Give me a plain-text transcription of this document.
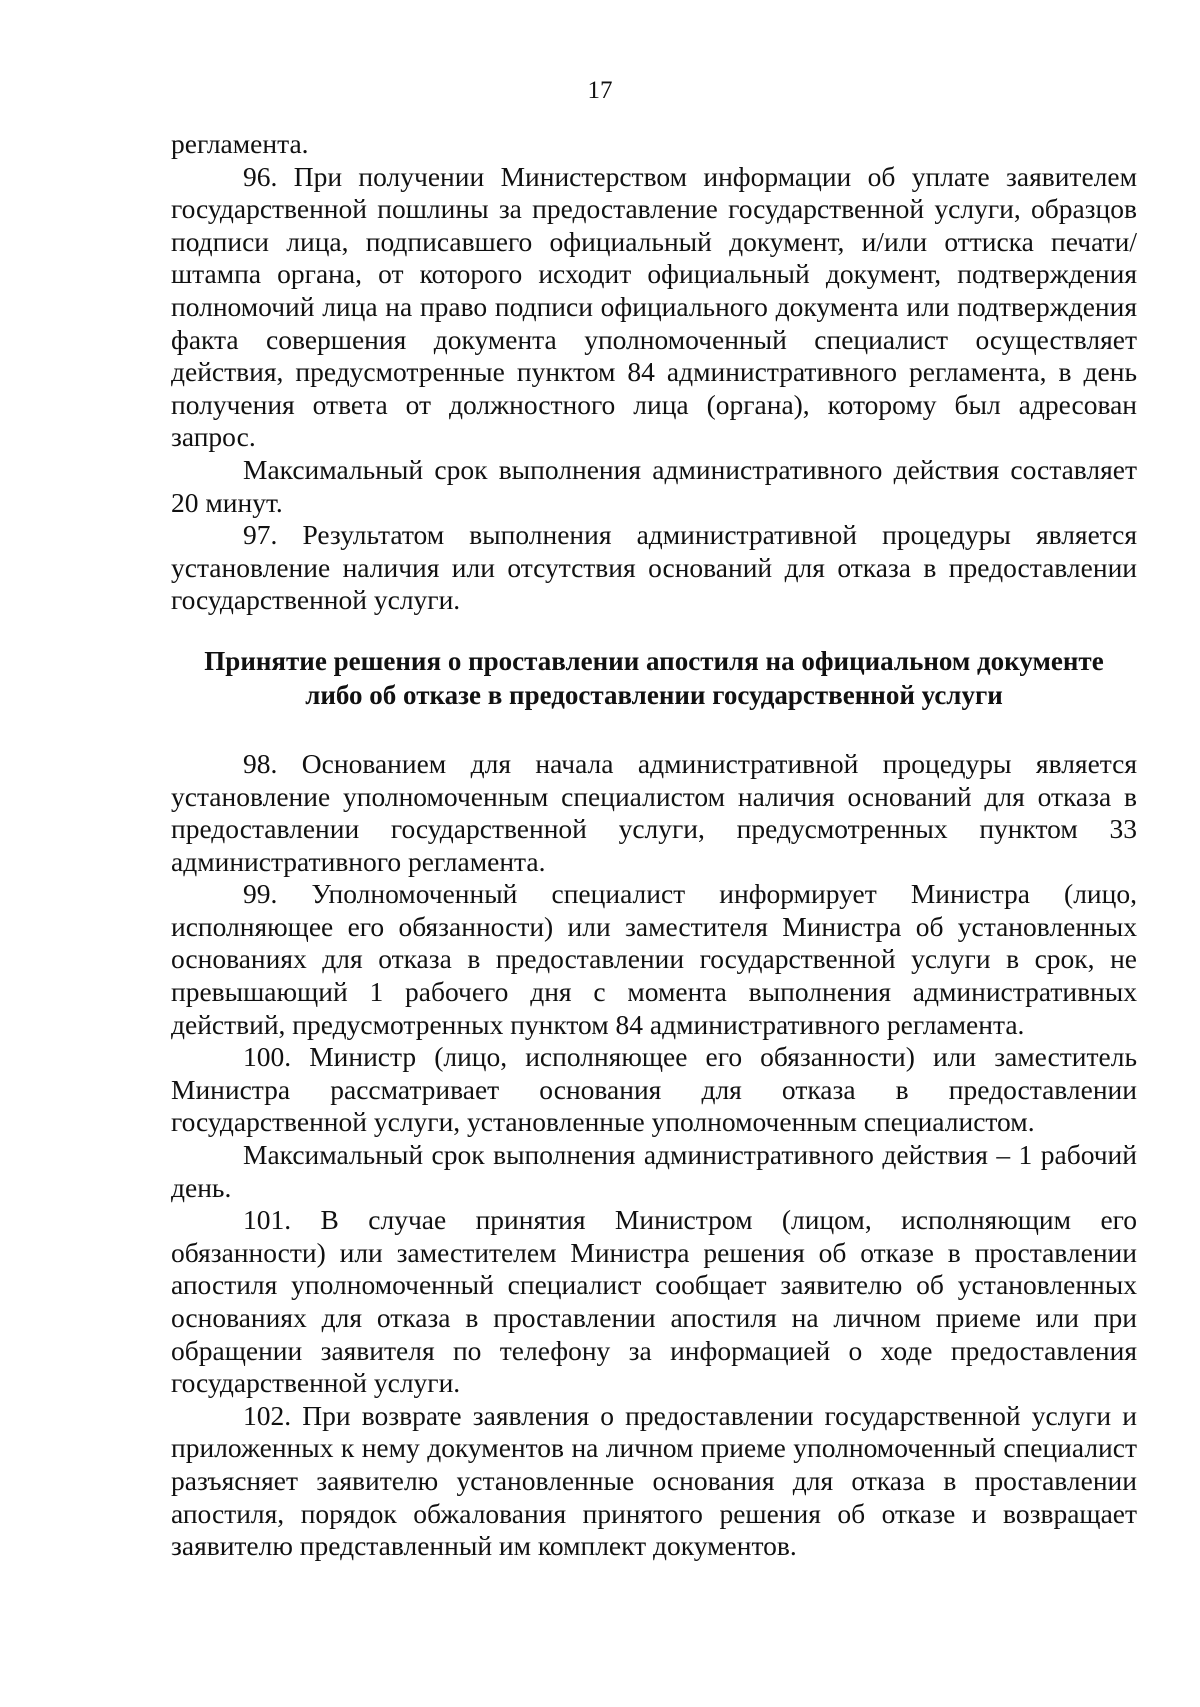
17

регламента.

96. При получении Министерством информации об уплате заявителем государственной пошлины за предоставление государственной услуги, образцов подписи лица, подписавшего официальный документ, и/или оттиска печати/штампа органа, от которого исходит официальный документ, подтверждения полномочий лица на право подписи официального документа или подтверждения факта совершения документа уполномоченный специалист осуществляет действия, предусмотренные пунктом 84 административного регламента, в день получения ответа от должностного лица (органа), которому был адресован запрос.

Максимальный срок выполнения административного действия составляет 20 минут.

97. Результатом выполнения административной процедуры является установление наличия или отсутствия оснований для отказа в предоставлении государственной услуги.

Принятие решения о проставлении апостиля на официальном документе
либо об отказе в предоставлении государственной услуги

98. Основанием для начала административной процедуры является установление уполномоченным специалистом наличия оснований для отказа в предоставлении государственной услуги, предусмотренных пунктом 33 административного регламента.

99. Уполномоченный специалист информирует Министра (лицо, исполняющее его обязанности) или заместителя Министра об установленных основаниях для отказа в предоставлении государственной услуги в срок, не превышающий 1 рабочего дня с момента выполнения административных действий, предусмотренных пунктом 84 административного регламента.

100. Министр (лицо, исполняющее его обязанности) или заместитель Министра рассматривает основания для отказа в предоставлении государственной услуги, установленные уполномоченным специалистом.

Максимальный срок выполнения административного действия – 1 рабочий день.

101. В случае принятия Министром (лицом, исполняющим его обязанности) или заместителем Министра решения об отказе в проставлении апостиля уполномоченный специалист сообщает заявителю об установленных основаниях для отказа в проставлении апостиля на личном приеме или при обращении заявителя по телефону за информацией о ходе предоставления государственной услуги.

102. При возврате заявления о предоставлении государственной услуги и приложенных к нему документов на личном приеме уполномоченный специалист разъясняет заявителю установленные основания для отказа в проставлении апостиля, порядок обжалования принятого решения об отказе и возвращает заявителю представленный им комплект документов.
